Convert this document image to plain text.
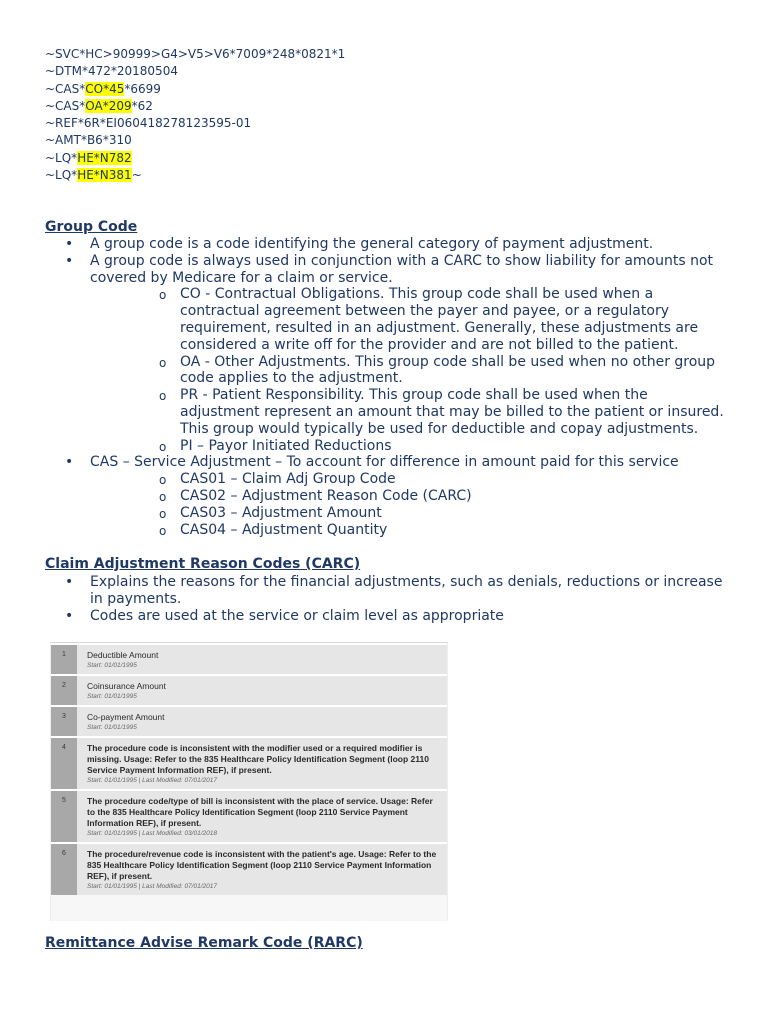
~SVC*HC>90999>G4>V5>V6*7009*248*0821*1
~DTM*472*20180504
~CAS*CO*45*6699
~CAS*OA*209*62
~REF*6R*EI060418278123595-01
~AMT*B6*310
~LQ*HE*N782
~LQ*HE*N381~
Group Code
• A group code is a code identifying the general category of payment adjustment.
• A group code is always used in conjunction with a CARC to show liability for amounts not covered by Medicare for a claim or service.
o CO - Contractual Obligations. This group code shall be used when a contractual agreement between the payer and payee, or a regulatory requirement, resulted in an adjustment. Generally, these adjustments are considered a write off for the provider and are not billed to the patient.
o OA - Other Adjustments. This group code shall be used when no other group code applies to the adjustment.
o PR - Patient Responsibility. This group code shall be used when the adjustment represent an amount that may be billed to the patient or insured. This group would typically be used for deductible and copay adjustments.
o PI – Payor Initiated Reductions
• CAS – Service Adjustment – To account for difference in amount paid for this service
o CAS01 – Claim Adj Group Code
o CAS02 – Adjustment Reason Code (CARC)
o CAS03 – Adjustment Amount
o CAS04 – Adjustment Quantity
Claim Adjustment Reason Codes (CARC)
• Explains the reasons for the financial adjustments, such as denials, reductions or increase in payments.
• Codes are used at the service or claim level as appropriate
1	Deductible Amount
Start: 01/01/1995
2	Coinsurance Amount
Start: 01/01/1995
3	Co-payment Amount
Start: 01/01/1995
4	The procedure code is inconsistent with the modifier used or a required modifier is missing. Usage: Refer to the 835 Healthcare Policy Identification Segment (loop 2110 Service Payment Information REF), if present.
Start: 01/01/1995 | Last Modified: 07/01/2017
5	The procedure code/type of bill is inconsistent with the place of service. Usage: Refer to the 835 Healthcare Policy Identification Segment (loop 2110 Service Payment Information REF), if present.
Start: 01/01/1995 | Last Modified: 03/01/2018
6	The procedure/revenue code is inconsistent with the patient's age. Usage: Refer to the 835 Healthcare Policy Identification Segment (loop 2110 Service Payment Information REF), if present.
Start: 01/01/1995 | Last Modified: 07/01/2017
Remittance Advise Remark Code (RARC)
